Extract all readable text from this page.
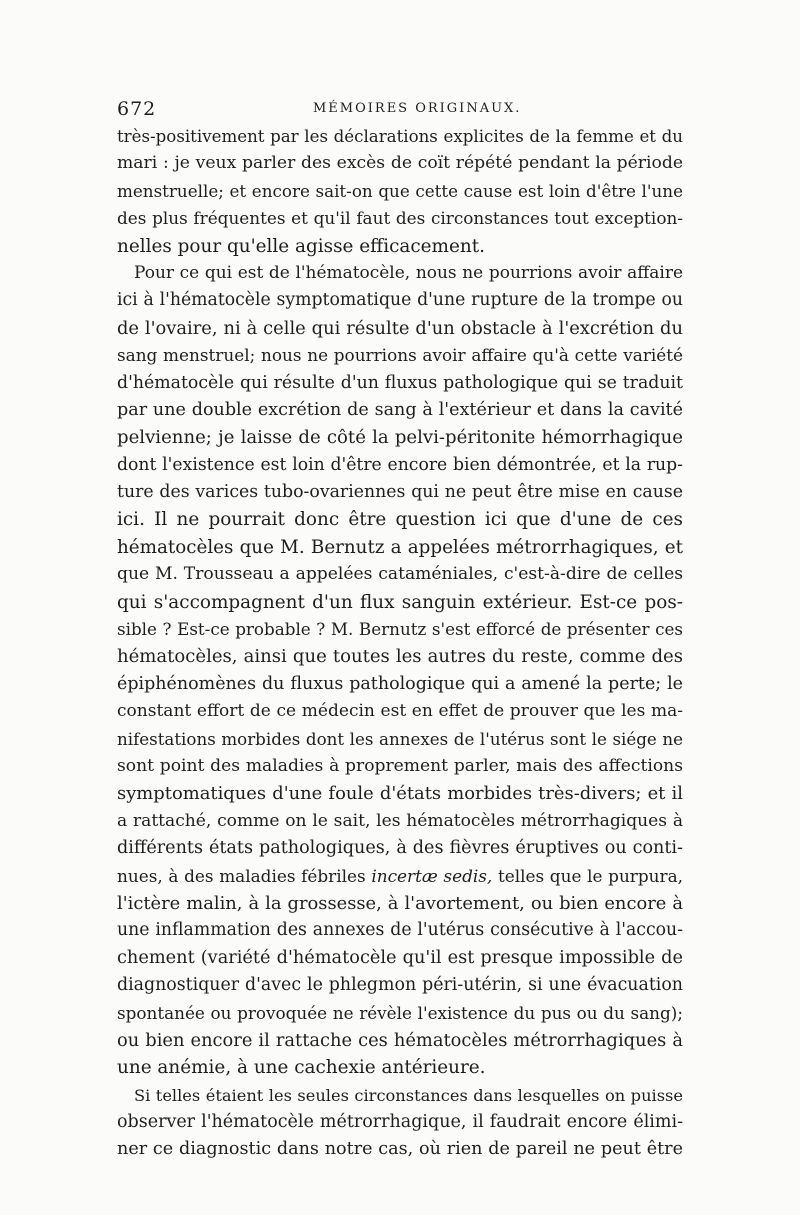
672	MÉMOIRES ORIGINAUX.
très-positivement par les déclarations explicites de la femme et du
mari : je veux parler des excès de coït répété pendant la période
menstruelle; et encore sait-on que cette cause est loin d'être l'une
des plus fréquentes et qu'il faut des circonstances tout exception-
nelles pour qu'elle agisse efficacement.
Pour ce qui est de l'hématocèle, nous ne pourrions avoir affaire
ici à l'hématocèle symptomatique d'une rupture de la trompe ou
de l'ovaire, ni à celle qui résulte d'un obstacle à l'excrétion du
sang menstruel; nous ne pourrions avoir affaire qu'à cette variété
d'hématocèle qui résulte d'un fluxus pathologique qui se traduit
par une double excrétion de sang à l'extérieur et dans la cavité
pelvienne; je laisse de côté la pelvi-péritonite hémorrhagique
dont l'existence est loin d'être encore bien démontrée, et la rup-
ture des varices tubo-ovariennes qui ne peut être mise en cause
ici. Il ne pourrait donc être question ici que d'une de ces
hématocèles que M. Bernutz a appelées métrorrhagiques, et
que M. Trousseau a appelées cataméniales, c'est-à-dire de celles
qui s'accompagnent d'un flux sanguin extérieur. Est-ce pos-
sible ? Est-ce probable ? M. Bernutz s'est efforcé de présenter ces
hématocèles, ainsi que toutes les autres du reste, comme des
épiphénomènes du fluxus pathologique qui a amené la perte; le
constant effort de ce médecin est en effet de prouver que les ma-
nifestations morbides dont les annexes de l'utérus sont le siége ne
sont point des maladies à proprement parler, mais des affections
symptomatiques d'une foule d'états morbides très-divers; et il
a rattaché, comme on le sait, les hématocèles métrorrhagiques à
différents états pathologiques, à des fièvres éruptives ou conti-
nues, à des maladies fébriles incertæ sedis, telles que le purpura,
l'ictère malin, à la grossesse, à l'avortement, ou bien encore à
une inflammation des annexes de l'utérus consécutive à l'accou-
chement (variété d'hématocèle qu'il est presque impossible de
diagnostiquer d'avec le phlegmon péri-utérin, si une évacuation
spontanée ou provoquée ne révèle l'existence du pus ou du sang);
ou bien encore il rattache ces hématocèles métrorrhagiques à
une anémie, à une cachexie antérieure.
Si telles étaient les seules circonstances dans lesquelles on puisse
observer l'hématocèle métrorrhagique, il faudrait encore élimi-
ner ce diagnostic dans notre cas, où rien de pareil ne peut être
